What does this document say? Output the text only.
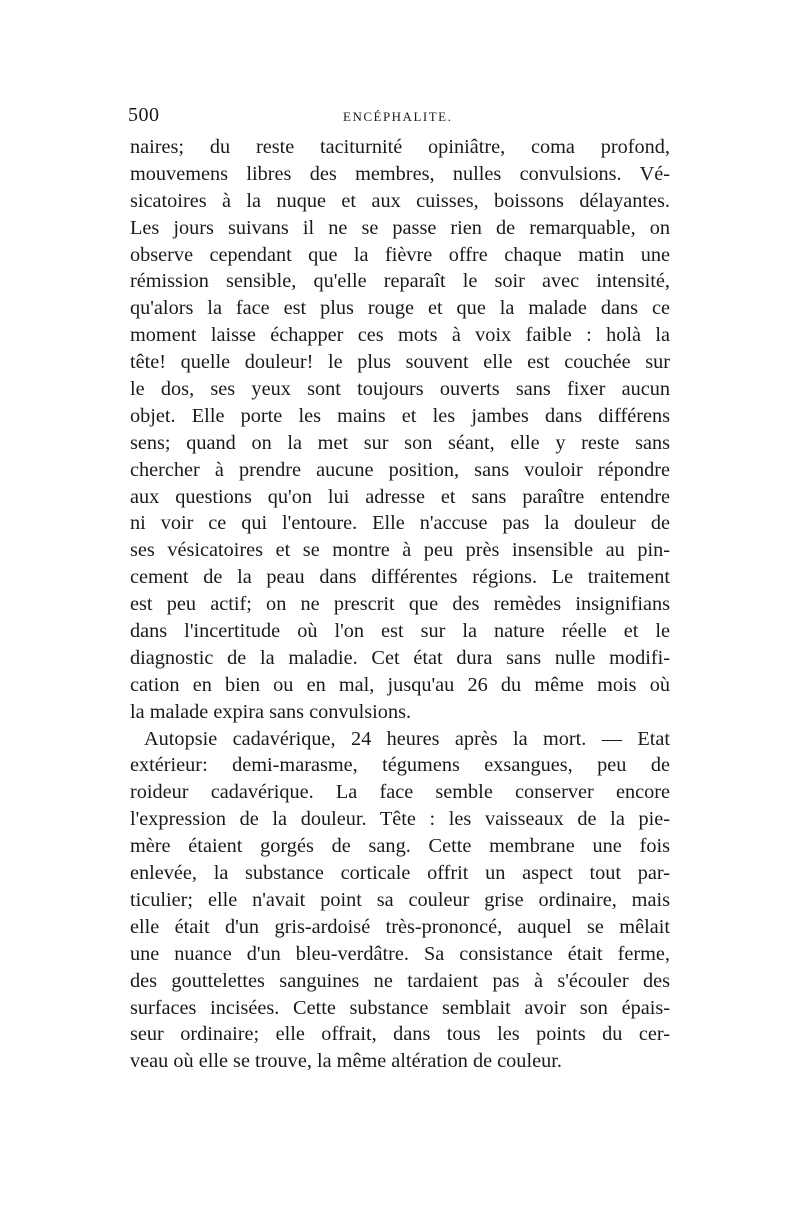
500	ENCÉPHALITE.
naires; du reste taciturnité opiniâtre, coma profond,
mouvemens libres des membres, nulles convulsions. Vé-
sicatoires à la nuque et aux cuisses, boissons délayantes.
Les jours suivans il ne se passe rien de remarquable, on
observe cependant que la fièvre offre chaque matin une
rémission sensible, qu'elle reparaît le soir avec intensité,
qu'alors la face est plus rouge et que la malade dans ce
moment laisse échapper ces mots à voix faible : holà la
tête! quelle douleur! le plus souvent elle est couchée sur
le dos, ses yeux sont toujours ouverts sans fixer aucun
objet. Elle porte les mains et les jambes dans différens
sens; quand on la met sur son séant, elle y reste sans
chercher à prendre aucune position, sans vouloir répondre
aux questions qu'on lui adresse et sans paraître entendre
ni voir ce qui l'entoure. Elle n'accuse pas la douleur de
ses vésicatoires et se montre à peu près insensible au pin-
cement de la peau dans différentes régions. Le traitement
est peu actif; on ne prescrit que des remèdes insignifians
dans l'incertitude où l'on est sur la nature réelle et le
diagnostic de la maladie. Cet état dura sans nulle modifi-
cation en bien ou en mal, jusqu'au 26 du même mois où
la malade expira sans convulsions.
Autopsie cadavérique, 24 heures après la mort. — Etat
extérieur: demi-marasme, tégumens exsangues, peu de
roideur cadavérique. La face semble conserver encore
l'expression de la douleur. Tête : les vaisseaux de la pie-
mère étaient gorgés de sang. Cette membrane une fois
enlevée, la substance corticale offrit un aspect tout par-
ticulier; elle n'avait point sa couleur grise ordinaire, mais
elle était d'un gris-ardoisé très-prononcé, auquel se mêlait
une nuance d'un bleu-verdâtre. Sa consistance était ferme,
des gouttelettes sanguines ne tardaient pas à s'écouler des
surfaces incisées. Cette substance semblait avoir son épais-
seur ordinaire; elle offrait, dans tous les points du cer-
veau où elle se trouve, la même altération de couleur.
